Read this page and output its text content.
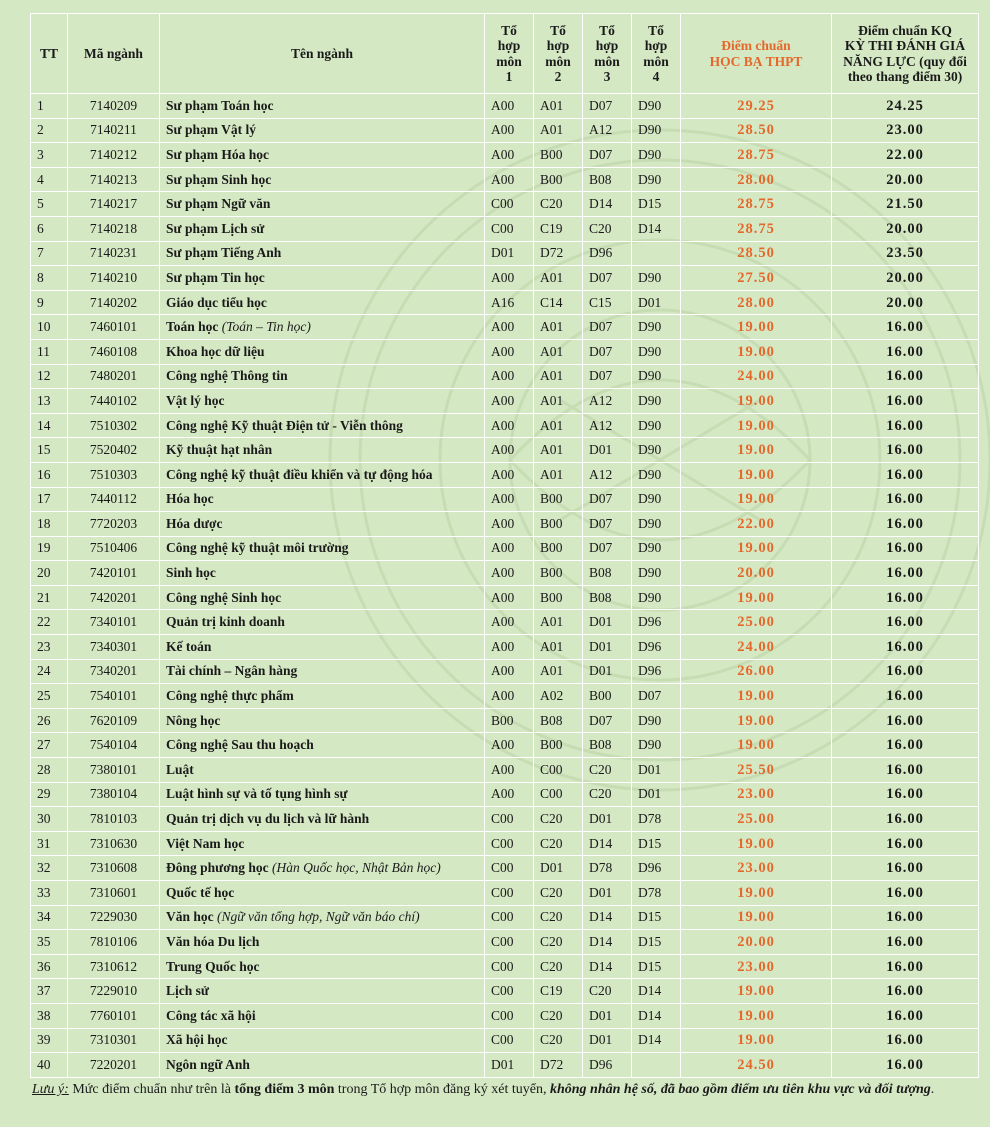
TT	Mã ngành	Tên ngành	Tổ
hợp
môn
1	Tổ
hợp
môn
2	Tổ
hợp
môn
3	Tổ
hợp
môn
4	Điểm chuẩn
HỌC BẠ THPT	Điểm chuẩn KQ
KỲ THI ĐÁNH GIÁ
NĂNG LỰC (quy đổi
theo thang điểm 30)
1	7140209	Sư phạm Toán học	A00	A01	D07	D90	29.25	24.25
2	7140211	Sư phạm Vật lý	A00	A01	A12	D90	28.50	23.00
3	7140212	Sư phạm Hóa học	A00	B00	D07	D90	28.75	22.00
4	7140213	Sư phạm Sinh học	A00	B00	B08	D90	28.00	20.00
5	7140217	Sư phạm Ngữ văn	C00	C20	D14	D15	28.75	21.50
6	7140218	Sư phạm Lịch sử	C00	C19	C20	D14	28.75	20.00
7	7140231	Sư phạm Tiếng Anh	D01	D72	D96		28.50	23.50
8	7140210	Sư phạm Tin học	A00	A01	D07	D90	27.50	20.00
9	7140202	Giáo dục tiểu học	A16	C14	C15	D01	28.00	20.00
10	7460101	Toán học (Toán – Tin học)	A00	A01	D07	D90	19.00	16.00
11	7460108	Khoa học dữ liệu	A00	A01	D07	D90	19.00	16.00
12	7480201	Công nghệ Thông tin	A00	A01	D07	D90	24.00	16.00
13	7440102	Vật lý học	A00	A01	A12	D90	19.00	16.00
14	7510302	Công nghệ Kỹ thuật Điện tử - Viễn thông	A00	A01	A12	D90	19.00	16.00
15	7520402	Kỹ thuật hạt nhân	A00	A01	D01	D90	19.00	16.00
16	7510303	Công nghệ kỹ thuật điều khiển và tự động hóa	A00	A01	A12	D90	19.00	16.00
17	7440112	Hóa học	A00	B00	D07	D90	19.00	16.00
18	7720203	Hóa dược	A00	B00	D07	D90	22.00	16.00
19	7510406	Công nghệ kỹ thuật môi trường	A00	B00	D07	D90	19.00	16.00
20	7420101	Sinh học	A00	B00	B08	D90	20.00	16.00
21	7420201	Công nghệ Sinh học	A00	B00	B08	D90	19.00	16.00
22	7340101	Quản trị kinh doanh	A00	A01	D01	D96	25.00	16.00
23	7340301	Kế toán	A00	A01	D01	D96	24.00	16.00
24	7340201	Tài chính – Ngân hàng	A00	A01	D01	D96	26.00	16.00
25	7540101	Công nghệ thực phẩm	A00	A02	B00	D07	19.00	16.00
26	7620109	Nông học	B00	B08	D07	D90	19.00	16.00
27	7540104	Công nghệ Sau thu hoạch	A00	B00	B08	D90	19.00	16.00
28	7380101	Luật	A00	C00	C20	D01	25.50	16.00
29	7380104	Luật hình sự và tố tụng hình sự	A00	C00	C20	D01	23.00	16.00
30	7810103	Quản trị dịch vụ du lịch và lữ hành	C00	C20	D01	D78	25.00	16.00
31	7310630	Việt Nam học	C00	C20	D14	D15	19.00	16.00
32	7310608	Đông phương học (Hàn Quốc học, Nhật Bản học)	C00	D01	D78	D96	23.00	16.00
33	7310601	Quốc tế học	C00	C20	D01	D78	19.00	16.00
34	7229030	Văn học (Ngữ văn tổng hợp, Ngữ văn báo chí)	C00	C20	D14	D15	19.00	16.00
35	7810106	Văn hóa Du lịch	C00	C20	D14	D15	20.00	16.00
36	7310612	Trung Quốc học	C00	C20	D14	D15	23.00	16.00
37	7229010	Lịch sử	C00	C19	C20	D14	19.00	16.00
38	7760101	Công tác xã hội	C00	C20	D01	D14	19.00	16.00
39	7310301	Xã hội học	C00	C20	D01	D14	19.00	16.00
40	7220201	Ngôn ngữ Anh	D01	D72	D96		24.50	16.00
Lưu ý: Mức điểm chuẩn như trên là tổng điểm 3 môn trong Tổ hợp môn đăng ký xét tuyển, không nhân hệ số, đã bao gồm điểm ưu tiên khu vực và đối tượng.
